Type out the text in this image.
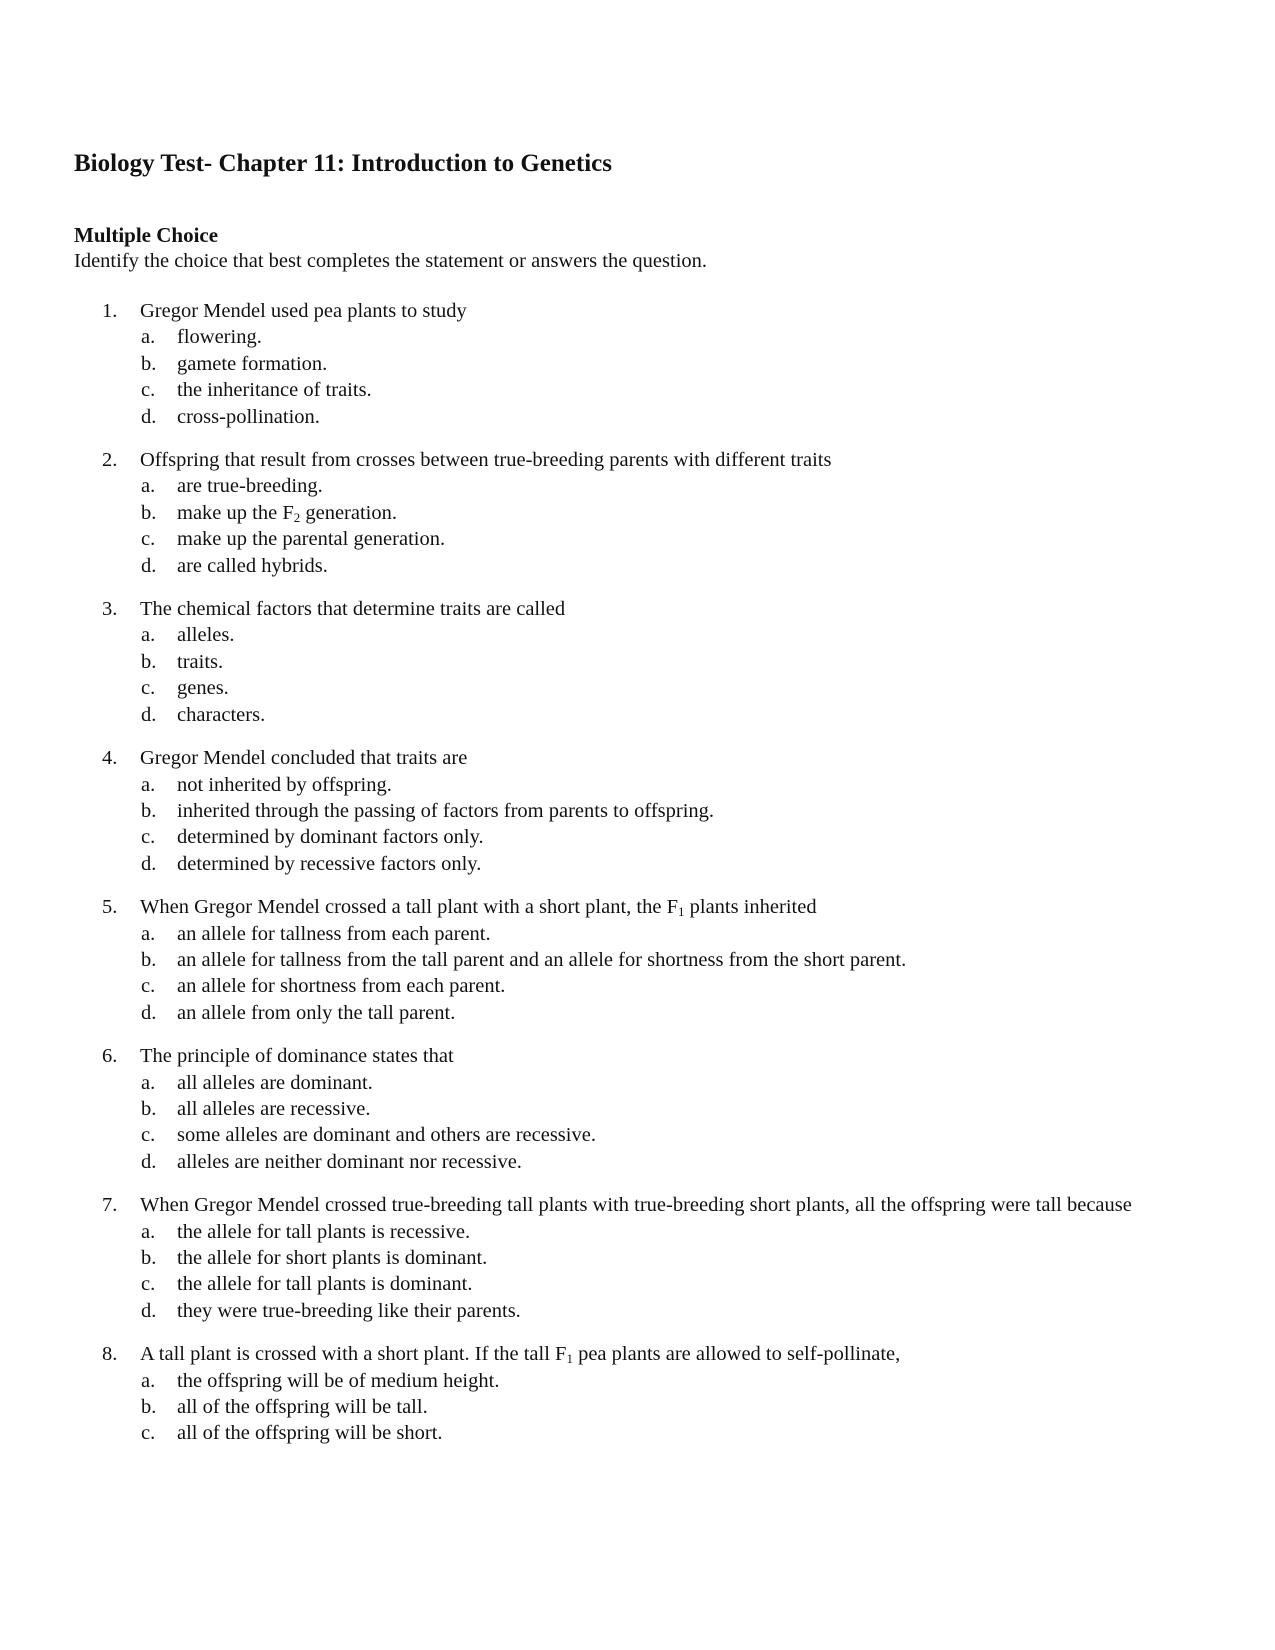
Biology Test- Chapter 11: Introduction to Genetics

Multiple Choice

Identify the choice that best completes the statement or answers the question.

1.	Gregor Mendel used pea plants to study
a. flowering.
b. gamete formation.
c. the inheritance of traits.
d. cross-pollination.
2.	Offspring that result from crosses between true-breeding parents with different traits
a. are true-breeding.
b. make up the $F_2$ generation.
c. make up the parental generation.
d. are called hybrids.
3.	The chemical factors that determine traits are called
a. alleles.
b. traits.
c. genes.
d. characters.
4.	Gregor Mendel concluded that traits are
a. not inherited by offspring.
b. inherited through the passing of factors from parents to offspring.
c. determined by dominant factors only.
d. determined by recessive factors only.
5.	When Gregor Mendel crossed a tall plant with a short plant, the $F_1$ plants inherited
a. an allele for tallness from each parent.
b. an allele for tallness from the tall parent and an allele for shortness from the short parent.
c. an allele for shortness from each parent.
d. an allele from only the tall parent.
6.	The principle of dominance states that
a. all alleles are dominant.
b. all alleles are recessive.
c. some alleles are dominant and others are recessive.
d. alleles are neither dominant nor recessive.
7.	When Gregor Mendel crossed true-breeding tall plants with true-breeding short plants, all the offspring were tall because
a. the allele for tall plants is recessive.
b. the allele for short plants is dominant.
c. the allele for tall plants is dominant.
d. they were true-breeding like their parents.
8.	A tall plant is crossed with a short plant. If the tall $F_1$ pea plants are allowed to self-pollinate,
a. the offspring will be of medium height.
b. all of the offspring will be tall.
c. all of the offspring will be short.
